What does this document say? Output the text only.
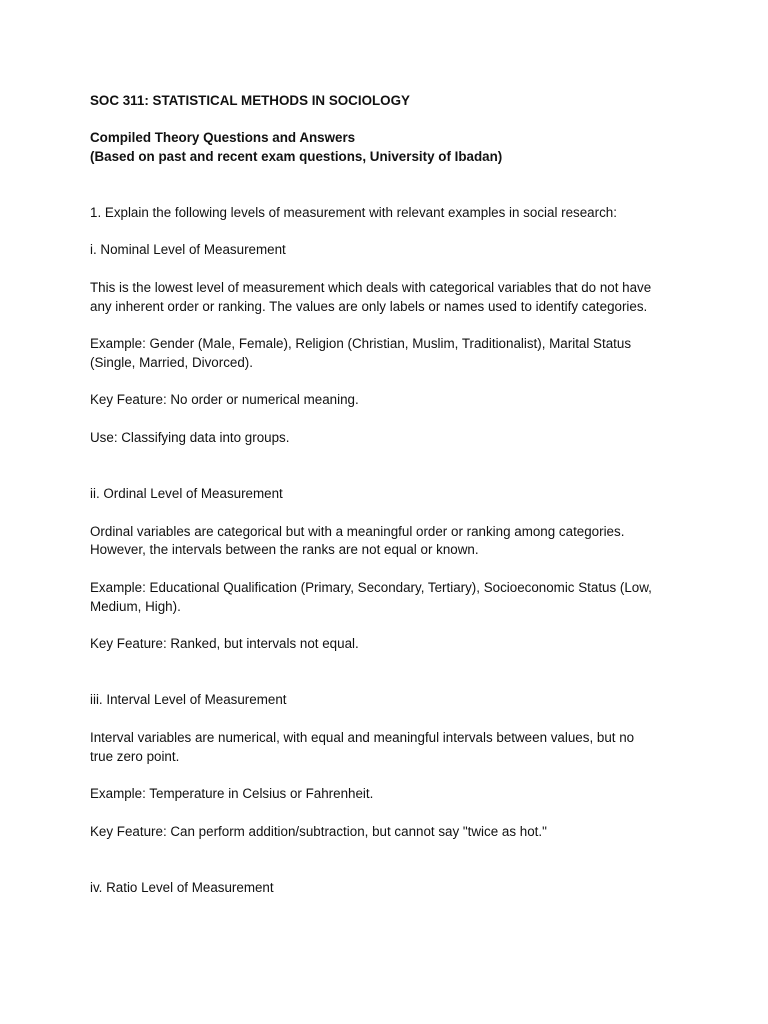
SOC 311: STATISTICAL METHODS IN SOCIOLOGY
Compiled Theory Questions and Answers
(Based on past and recent exam questions, University of Ibadan)
1. Explain the following levels of measurement with relevant examples in social research:
i. Nominal Level of Measurement
This is the lowest level of measurement which deals with categorical variables that do not have
any inherent order or ranking. The values are only labels or names used to identify categories.
Example: Gender (Male, Female), Religion (Christian, Muslim, Traditionalist), Marital Status
(Single, Married, Divorced).
Key Feature: No order or numerical meaning.
Use: Classifying data into groups.
ii. Ordinal Level of Measurement
Ordinal variables are categorical but with a meaningful order or ranking among categories.
However, the intervals between the ranks are not equal or known.
Example: Educational Qualification (Primary, Secondary, Tertiary), Socioeconomic Status (Low,
Medium, High).
Key Feature: Ranked, but intervals not equal.
iii. Interval Level of Measurement
Interval variables are numerical, with equal and meaningful intervals between values, but no
true zero point.
Example: Temperature in Celsius or Fahrenheit.
Key Feature: Can perform addition/subtraction, but cannot say "twice as hot."
iv. Ratio Level of Measurement
